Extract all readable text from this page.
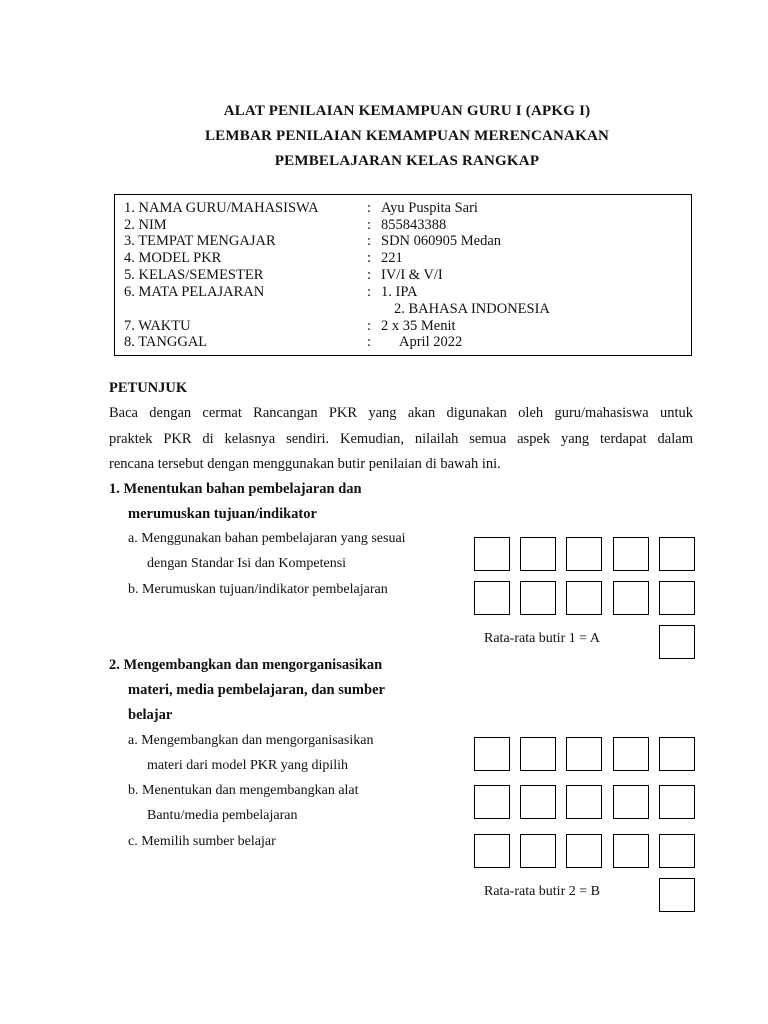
ALAT PENILAIAN KEMAMPUAN GURU I (APKG I)
LEMBAR PENILAIAN KEMAMPUAN MERENCANAKAN
PEMBELAJARAN KELAS RANGKAP
1. NAMA GURU/MAHASISWA	: Ayu Puspita Sari
2. NIM	: 855843388
3. TEMPAT MENGAJAR	: SDN 060905 Medan
4. MODEL PKR	: 221
5. KELAS/SEMESTER	: IV/I & V/I
6. MATA PELAJARAN	: 1. IPA
2. BAHASA INDONESIA
7. WAKTU	: 2 x 35 Menit
8. TANGGAL	: April 2022
PETUNJUK
Baca dengan cermat Rancangan PKR yang akan digunakan oleh guru/mahasiswa untuk
praktek PKR di kelasnya sendiri. Kemudian, nilailah semua aspek yang terdapat dalam
rencana tersebut dengan menggunakan butir penilaian di bawah ini.
1. Menentukan bahan pembelajaran dan
merumuskan tujuan/indikator
a. Menggunakan bahan pembelajaran yang sesuai
dengan Standar Isi dan Kompetensi
b. Merumuskan tujuan/indikator pembelajaran
Rata-rata butir 1 = A
2. Mengembangkan dan mengorganisasikan
materi, media pembelajaran, dan sumber
belajar
a. Mengembangkan dan mengorganisasikan
materi dari model PKR yang dipilih
b. Menentukan dan mengembangkan alat
Bantu/media pembelajaran
c. Memilih sumber belajar
Rata-rata butir 2 = B
